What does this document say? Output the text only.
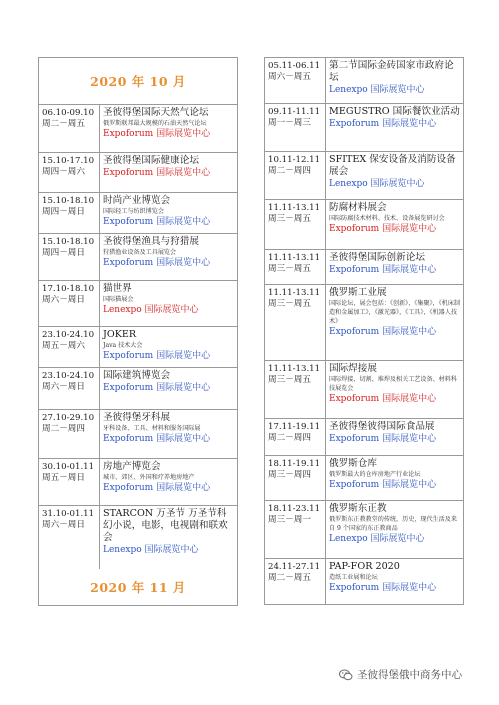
2020 年 10 月
06.10-09.10
周二－周五
圣彼得堡国际天然气论坛
俄罗斯联邦最大规模的石油天然气论坛
Expoforum 国际展览中心
15.10-17.10
周四－周六
圣彼得堡国际健康论坛
Expoforum 国际展览中心
15.10-18.10
周四－周日
时尚产业博览会
国际轻工与纺织博览会
Expoforum 国际展览中心
15.10-18.10
周四－周日
圣彼得堡渔具与狩猎展
狩猎渔业设备及工具展览会
Expoforum 国际展览中心
17.10-18.10
周六－周日
猫世界
国际猫展会
Lenexpo 国际展览中心
23.10-24.10
周五－周六
JOKER
Java 技术大会
Expoforum 国际展览中心
23.10-24.10
周六－周日
国际建筑博览会
Expoforum 国际展览中心
27.10-29.10
周二－周四
圣彼得堡牙科展
牙科设备、工具、材料和服务国际展
Expoforum 国际展览中心
30.10-01.11
周五－周日
房地产博览会
城市、郊区、外国和疗养地房地产
Expoforum 国际展览中心
31.10-01.11
周六－周日
STARCON 万圣节 万圣节科幻小说，电影，电视剧和联欢会
Lenexpo 国际展览中心
2020 年 11 月
05.11-06.11
周六－周五
第二节国际金砖国家市政府论坛
Lenexpo 国际展览中心
09.11-11.11
周一－周三
MEGUSTRO 国际餐饮业活动
Expoforum 国际展览中心
10.11-12.11
周二－周四
SFITEX 保安设备及消防设备展会
Lenexpo 国际展览中心
11.11-13.11
周三－周五
防腐材料展会
国际防腐技术材料、技术、设备展览研讨会
Expoforum 国际展览中心
11.11-13.11
周三－周五
圣彼得堡国际创新论坛
Expoforum 国际展览中心
11.11-13.11
周三－周五
俄罗斯工业展
国际论坛，展会包括：《创新》，《集聚》，《机床制造和金属加工》，《激光器》，《工具》，《机器人技术》
Expoforum 国际展览中心
11.11-13.11
周三－周五
国际焊接展
国际焊接、切割、堆焊及相关工艺设备、材料科技展览会
Expoforum 国际展览中心
17.11-19.11
周二－周四
圣彼得堡彼得国际食品展
Expoforum 国际展览中心
18.11-19.11
周三－周四
俄罗斯仓库
俄罗斯最大的仓库房地产行业论坛
Expoforum 国际展览中心
18.11-23.11
周三－周一
俄罗斯东正教
俄罗斯东正教教堂的传统，历史，现代生活及来自 9 个国家的东正教商品
Lenexpo 国际展览中心
24.11-27.11
周二－周五
PAP-FOR 2020
造纸工业展和论坛
Expoforum 国际展览中心
圣彼得堡俄中商务中心
